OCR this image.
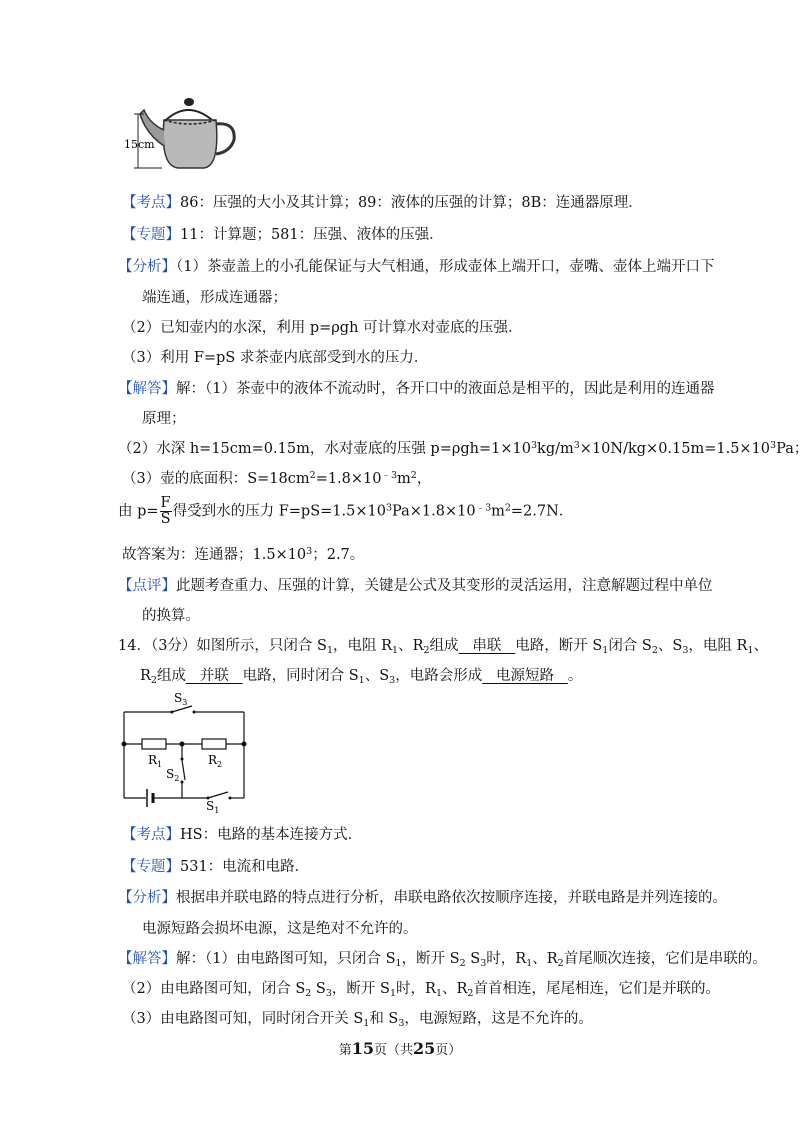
15cm
【考点】86：压强的大小及其计算；89：液体的压强的计算；8B：连通器原理．
【专题】11：计算题；581：压强、液体的压强．
【分析】（1）茶壶盖上的小孔能保证与大气相通，形成壶体上端开口，壶嘴、壶体上端开口下
端连通，形成连通器；
（2）已知壶内的水深，利用 p=ρgh 可计算水对壶底的压强．
（3）利用 F=pS 求茶壶内底部受到水的压力．
【解答】解：（1）茶壶中的液体不流动时，各开口中的液面总是相平的，因此是利用的连通器
原理；
（2）水深 h=15cm=0.15m，水对壶底的压强 $p=\rho gh=1\times 10^3kg/m^3\times 10N/kg\times 0.15m=1.5\times 10^3Pa$；
（3）壶的底面积：$S=18cm^2=1.8\times 10^{﹣3}m^2$，
由 $p= \frac{F}{S}$ 得受到水的压力 $F=pS=1.5\times 10^3Pa\times 1.8\times 10^{﹣3}m^2=2.7N$．
故答案为：连通器；$1.5\times 10^3$；2.7。
【点评】此题考查重力、压强的计算，关键是公式及其变形的灵活运用，注意解题过程中单位
的换算。
14．（3分）如图所示，只闭合 $S_1$，电阻 $R_1$、$R_2$组成   串联   电路，断开 $S_1$闭合 $S_2$、$S_3$，电阻 $R_1$、
$R_2$组成   并联   电路，同时闭合 $S_1$、$S_3$，电路会形成   电源短路   。
$S_3$
$R_1$	$R_2$
$S_2$
$S_1$
【考点】HS：电路的基本连接方式．
【专题】531：电流和电路．
【分析】根据串并联电路的特点进行分析，串联电路依次按顺序连接，并联电路是并列连接的。
电源短路会损坏电源，这是绝对不允许的。
【解答】解：（1）由电路图可知，只闭合 $S_1$，断开 $S_2$ $S_3$时，$R_1$、$R_2$首尾顺次连接，它们是串联的。
（2）由电路图可知，闭合 $S_2$ $S_3$，断开 $S_1$时，$R_1$、$R_2$首首相连，尾尾相连，它们是并联的。
（3）由电路图可知，同时闭合开关 $S_1$和 $S_3$，电源短路，这是不允许的。
第15页（共25页）
